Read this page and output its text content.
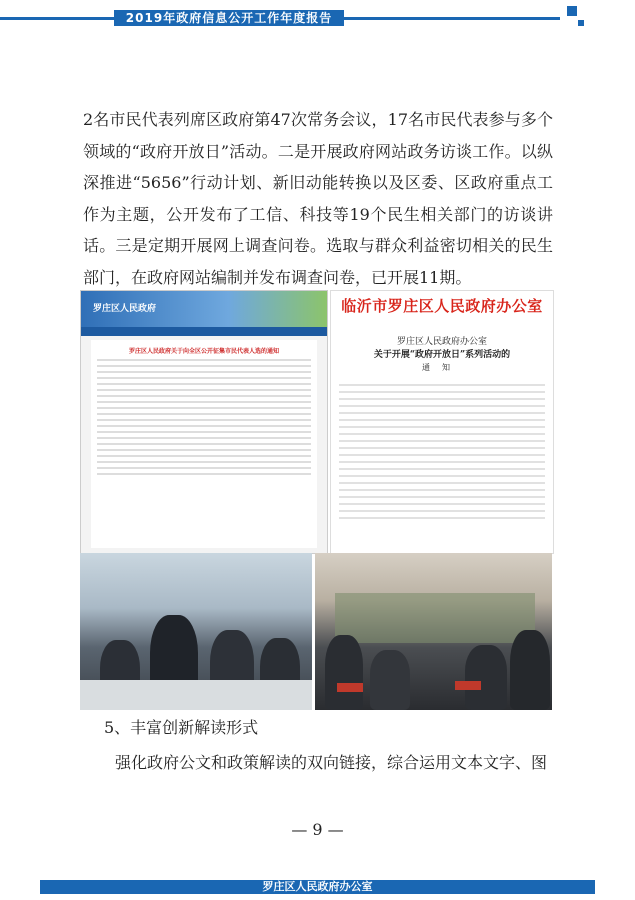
2019年政府信息公开工作年度报告
2名市民代表列席区政府第47次常务会议，17名市民代表参与多个领域的“政府开放日”活动。二是开展政府网站政务访谈工作。以纵深推进“5656”行动计划、新旧动能转换以及区委、区政府重点工作为主题，公开发布了工信、科技等19个民生相关部门的访谈讲话。三是定期开展网上调查问卷。选取与群众利益密切相关的民生部门，在政府网站编制并发布调查问卷，已开展11期。
罗庄区人民政府
罗庄区人民政府关于向全区公开征集市民代表人选的通知
临沂市罗庄区人民政府办公室
罗庄区人民政府办公室
关于开展“政府开放日”系列活动的
通知
5、丰富创新解读形式
强化政府公文和政策解读的双向链接，综合运用文本文字、图
— 9 —
罗庄区人民政府办公室
